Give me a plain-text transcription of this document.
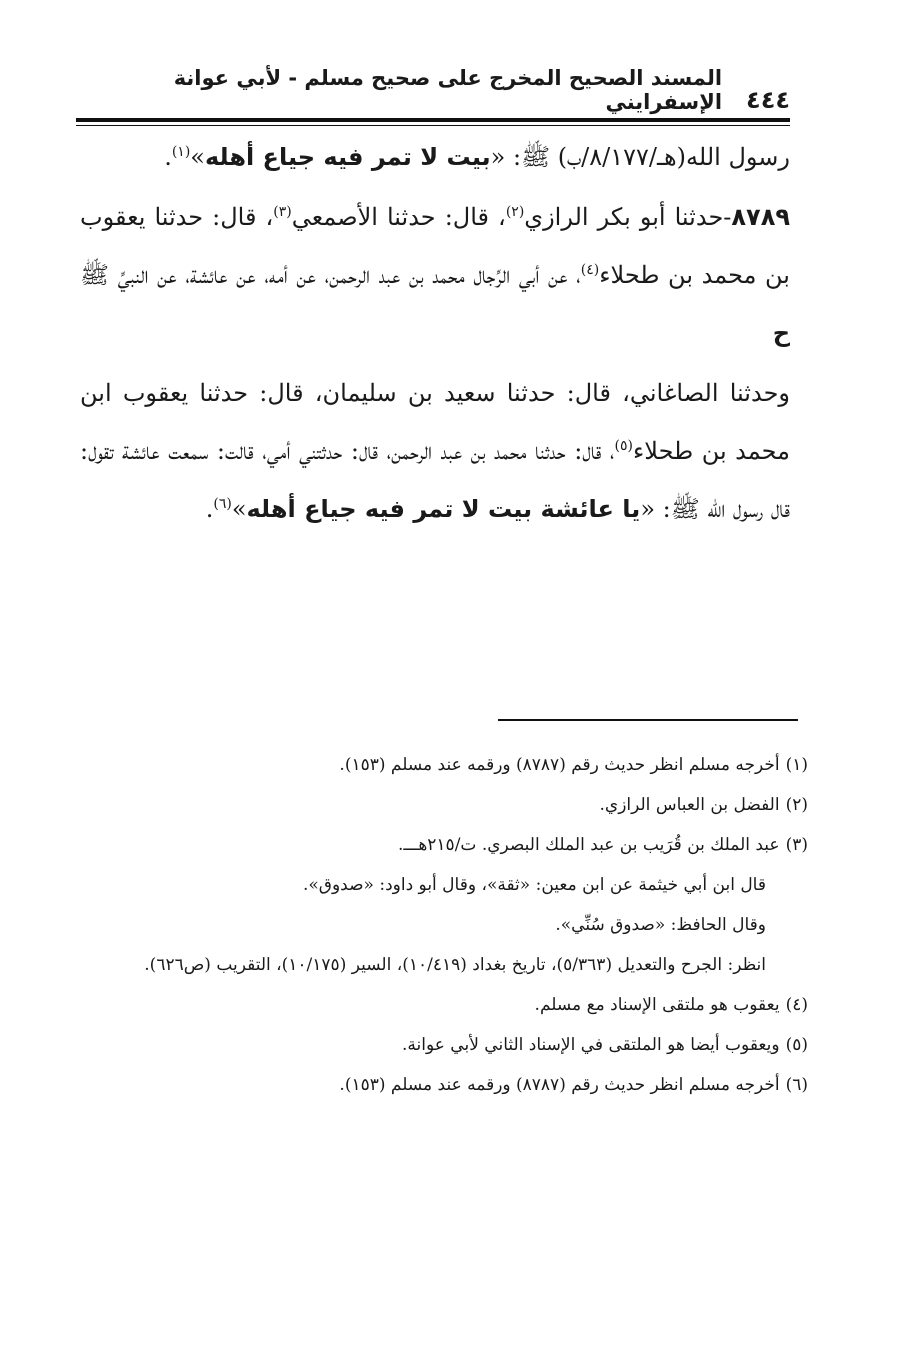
٤٤٤
المسند الصحيح المخرج على صحيح مسلم - لأبي عوانة الإسفرايني

رسول الله(هـ/٨/١٧٧/ب) ﷺ: «بيت لا تمر فيه جياع أهله»$^{(١)}$.

٨٧٨٩-حدثنا أبو بكر الرازي$^{(٢)}$، قال: حدثنا الأصمعي$^{(٣)}$، قال: حدثنا يعقوب بن محمد بن طحلاء$^{(٤)}$، عن أبي الرِّجال محمد بن عبد الرحمن، عن أمه، عن عائشة، عن النبيِّ ﷺ ح

وحدثنا الصاغاني، قال: حدثنا سعيد بن سليمان، قال: حدثنا يعقوب ابن محمد بن طحلاء$^{(٥)}$، قال: حدثنا محمد بن عبد الرحمن، قال: حدثتني أمي، قالت: سمعت عائشة تقول: قال رسول الله ﷺ: «يا عائشة بيت لا تمر فيه جياع أهله»$^{(٦)}$.

(١)أخرجه مسلم انظر حديث رقم (٨٧٨٧) ورقمه عند مسلم (١٥٣).

(٢)الفضل بن العباس الرازي.

(٣)عبد الملك بن قُرَيب بن عبد الملك البصري. ت/٢١٥هـــ.

قال ابن أبي خيثمة عن ابن معين: «ثقة»، وقال أبو داود: «صدوق».

وقال الحافظ: «صدوق سُنِّي».

انظر: الجرح والتعديل (٥/٣٦٣)، تاريخ بغداد (١٠/٤١٩)، السير (١٠/١٧٥)، التقريب (ص٦٢٦).

(٤)يعقوب هو ملتقى الإسناد مع مسلم.

(٥)ويعقوب أيضا هو الملتقى في الإسناد الثاني لأبي عوانة.

(٦)أخرجه مسلم انظر حديث رقم (٨٧٨٧) ورقمه عند مسلم (١٥٣).
